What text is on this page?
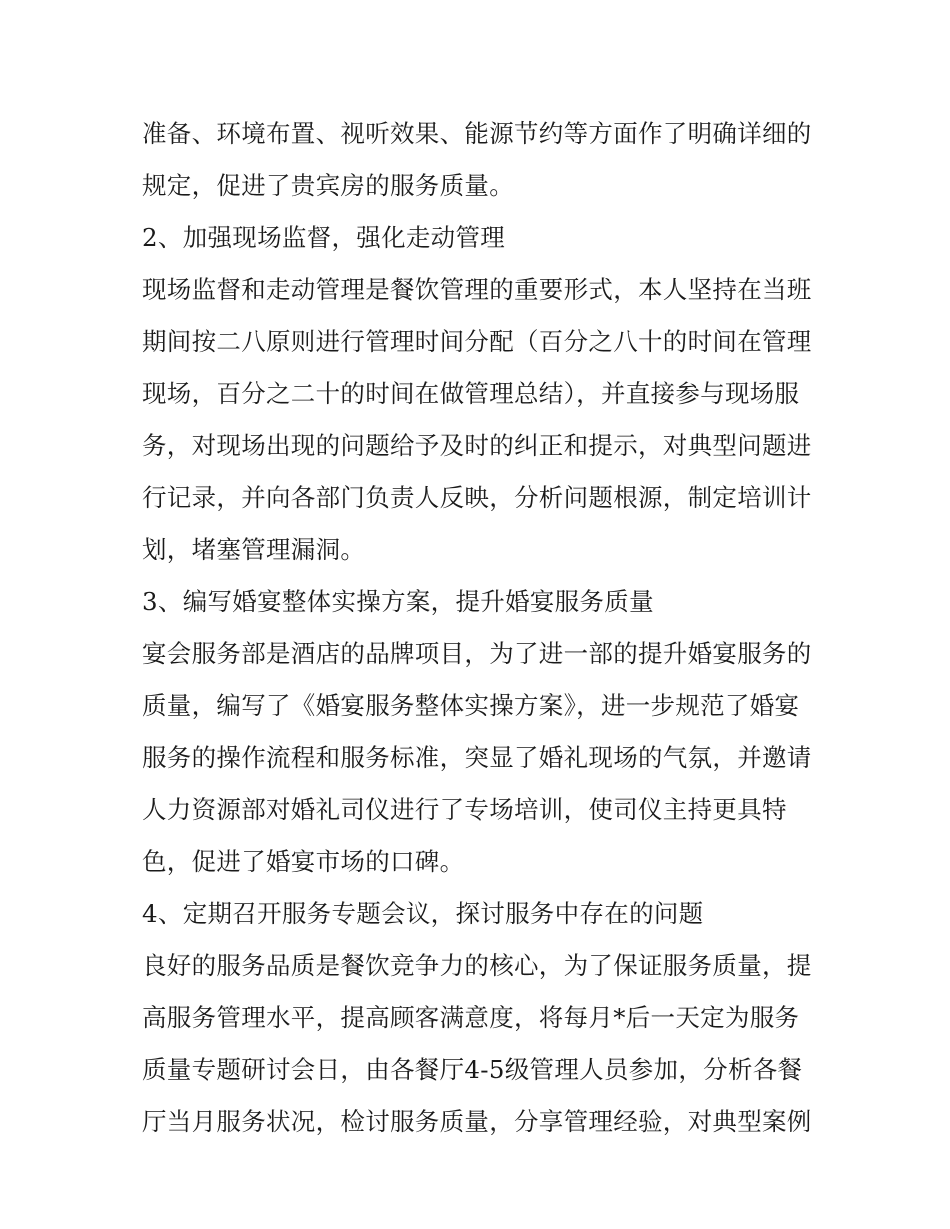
准备、环境布置、视听效果、能源节约等方面作了明确详细的
规定，促进了贵宾房的服务质量。
2、加强现场监督，强化走动管理
现场监督和走动管理是餐饮管理的重要形式，本人坚持在当班
期间按二八原则进行管理时间分配（百分之八十的时间在管理
现场，百分之二十的时间在做管理总结），并直接参与现场服
务，对现场出现的问题给予及时的纠正和提示，对典型问题进
行记录，并向各部门负责人反映，分析问题根源，制定培训计
划，堵塞管理漏洞。
3、编写婚宴整体实操方案，提升婚宴服务质量
宴会服务部是酒店的品牌项目，为了进一部的提升婚宴服务的
质量，编写了《婚宴服务整体实操方案》，进一步规范了婚宴
服务的操作流程和服务标准，突显了婚礼现场的气氛，并邀请
人力资源部对婚礼司仪进行了专场培训，使司仪主持更具特
色，促进了婚宴市场的口碑。
4、定期召开服务专题会议，探讨服务中存在的问题
良好的服务品质是餐饮竞争力的核心，为了保证服务质量，提
高服务管理水平，提高顾客满意度，将每月*后一天定为服务
质量专题研讨会日，由各餐厅4-5级管理人员参加，分析各餐
厅当月服务状况，检讨服务质量，分享管理经验，对典型案例
